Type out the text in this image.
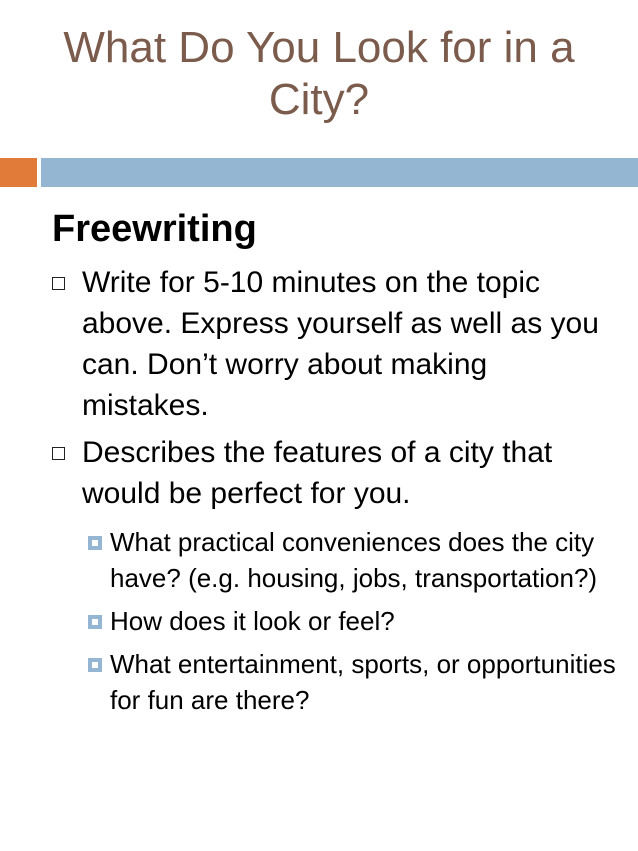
What Do You Look for in a City?
Freewriting
Write for 5-10 minutes on the topic above. Express yourself as well as you can. Don’t worry about making mistakes.
Describes the features of a city that would be perfect for you.
What practical conveniences does the city have? (e.g. housing, jobs, transportation?)
How does it look or feel?
What entertainment, sports, or opportunities for fun are there?
